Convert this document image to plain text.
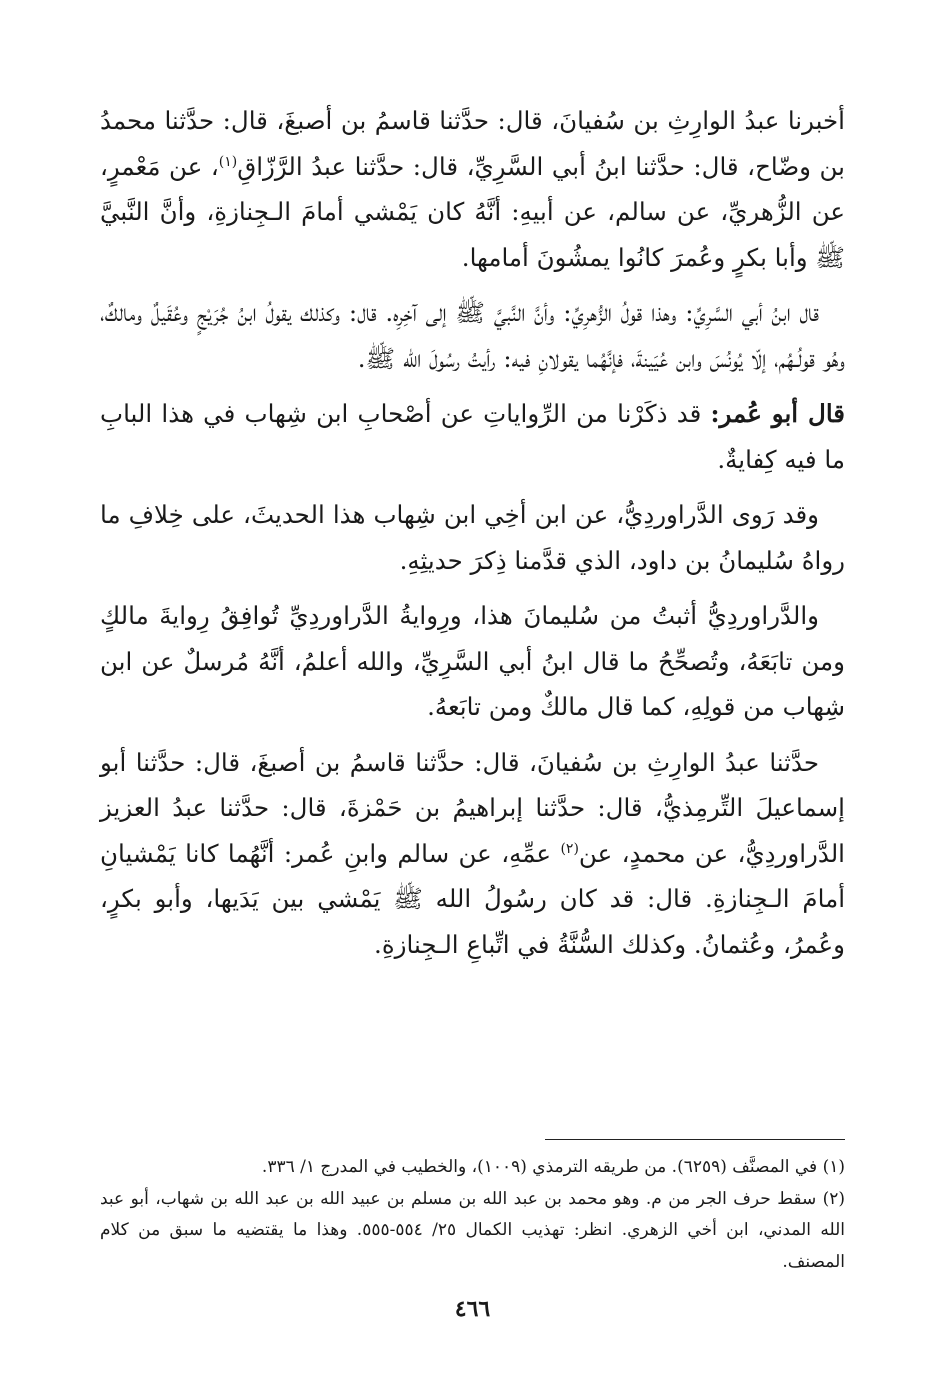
أخبرنا عبدُ الوارِثِ بن سُفيانَ، قال: حدَّثنا قاسمُ بن أصبغَ، قال: حدَّثنا محمدُ بن وضّاح، قال: حدَّثنا ابنُ أبي السَّرِيِّ، قال: حدَّثنا عبدُ الرَّزّاقِ$^{(١)}$، عن مَعْمرٍ، عن الزُّهريِّ، عن سالم، عن أبيهِ: أنَّهُ كان يَمْشي أمامَ الـجِنازةِ، وأنَّ النَّبيَّ ﷺ وأبا بكرٍ وعُمرَ كانُوا يمشُونَ أمامها.

قال ابنُ أبي السَّرِيِّ: وهذا قولُ الزُّهرِيِّ: وأنَّ النَّبيَّ ﷺ إلى آخِرِه. قال: وكذلك يقولُ ابنُ جُرَيْجٍ وعُقَيلٌ ومالكٌ، وهُو قولُـهُم، إلّا يُونُسَ وابن عُيَينةَ، فإنَّهُما يقولانِ فيه: رأيتُ رسُولَ الله ﷺ.

قال أبو عُمر: قد ذكَرْنا من الرِّواياتِ عن أصْحابِ ابن شِهاب في هذا البابِ ما فيه كِفايةٌ.

وقد رَوى الدَّراوردِيُّ، عن ابن أخِي ابن شِهاب هذا الحديثَ، على خِلافِ ما رواهُ سُليمانُ بن داود، الذي قدَّمنا ذِكرَ حديثِهِ.

والدَّراوردِيُّ أثبتُ من سُليمانَ هذا، ورِوايةُ الدَّراوردِيِّ تُوافِقُ رِوايةَ مالكٍ ومن تابَعَهُ، وتُصحِّحُ ما قال ابنُ أبي السَّرِيِّ، والله أعلمُ، أنَّهُ مُرسلٌ عن ابن شِهاب من قولِهِ، كما قال مالكٌ ومن تابَعهُ.

حدَّثنا عبدُ الوارِثِ بن سُفيانَ، قال: حدَّثنا قاسمُ بن أصبغَ، قال: حدَّثنا أبو إسماعيلَ التِّرمِذيُّ، قال: حدَّثنا إبراهيمُ بن حَمْزةَ، قال: حدَّثنا عبدُ العزيز الدَّراوردِيُّ، عن محمدٍ، عن$^{(٢)}$ عمِّهِ، عن سالم وابنِ عُمر: أنَّهُما كانا يَمْشيانِ أمامَ الـجِنازةِ. قال: قد كان رسُولُ الله ﷺ يَمْشي بين يَدَيها، وأبو بكرٍ، وعُمرُ، وعُثمانُ. وكذلك السُّنَّةُ في اتِّباعِ الـجِنازةِ.

(١) في المصنَّف (٦٢٥٩). من طريقه الترمذي (١٠٠٩)، والخطيب في المدرج ١/ ٣٣٦.

(٢) سقط حرف الجر من م. وهو محمد بن عبد الله بن مسلم بن عبيد الله بن عبد الله بن شهاب، أبو عبد الله المدني، ابن أخي الزهري. انظر: تهذيب الكمال ٢٥/ ٥٥٤-٥٥٥. وهذا ما يقتضيه ما سبق من كلام المصنف.

٤٦٦
